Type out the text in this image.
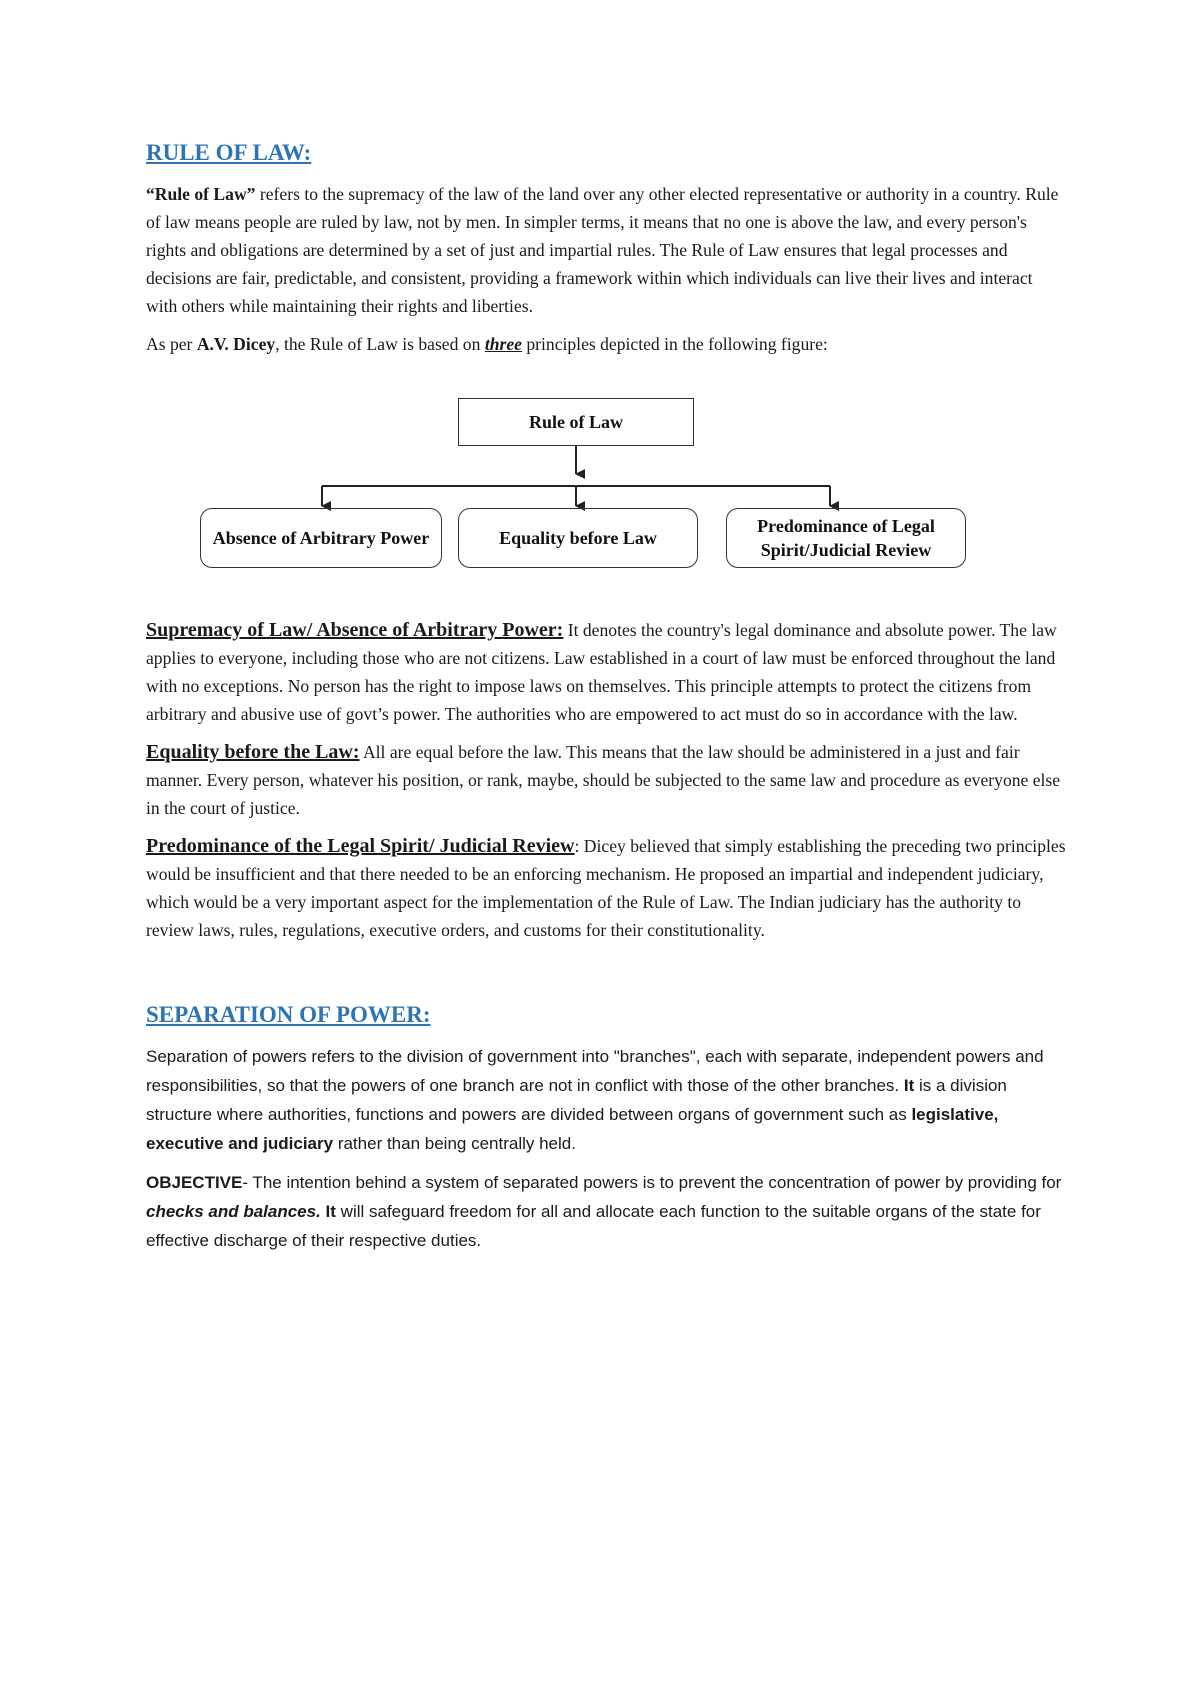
RULE OF LAW:

“Rule of Law” refers to the supremacy of the law of the land over any other elected representative or authority in a country. Rule of law means people are ruled by law, not by men. In simpler terms, it means that no one is above the law, and every person's rights and obligations are determined by a set of just and impartial rules. The Rule of Law ensures that legal processes and decisions are fair, predictable, and consistent, providing a framework within which individuals can live their lives and interact with others while maintaining their rights and liberties.

As per A.V. Dicey, the Rule of Law is based on three principles depicted in the following figure:

Rule of Law
Absence of Arbitrary Power	Equality before Law
Predominance of Legal Spirit/Judicial Review

Supremacy of Law/ Absence of Arbitrary Power: It denotes the country's legal dominance and absolute power. The law applies to everyone, including those who are not citizens. Law established in a court of law must be enforced throughout the land with no exceptions. No person has the right to impose laws on themselves. This principle attempts to protect the citizens from arbitrary and abusive use of govt’s power. The authorities who are empowered to act must do so in accordance with the law.

Equality before the Law: All are equal before the law. This means that the law should be administered in a just and fair manner. Every person, whatever his position, or rank, maybe, should be subjected to the same law and procedure as everyone else in the court of justice.

Predominance of the Legal Spirit/ Judicial Review: Dicey believed that simply establishing the preceding two principles would be insufficient and that there needed to be an enforcing mechanism. He proposed an impartial and independent judiciary, which would be a very important aspect for the implementation of the Rule of Law. The Indian judiciary has the authority to review laws, rules, regulations, executive orders, and customs for their constitutionality.

SEPARATION OF POWER:

Separation of powers refers to the division of government into "branches", each with separate, independent powers and responsibilities, so that the powers of one branch are not in conflict with those of the other branches. It is a division structure where authorities, functions and powers are divided between organs of government such as legislative, executive and judiciary rather than being centrally held.

OBJECTIVE- The intention behind a system of separated powers is to prevent the concentration of power by providing for checks and balances. It will safeguard freedom for all and allocate each function to the suitable organs of the state for effective discharge of their respective duties.
